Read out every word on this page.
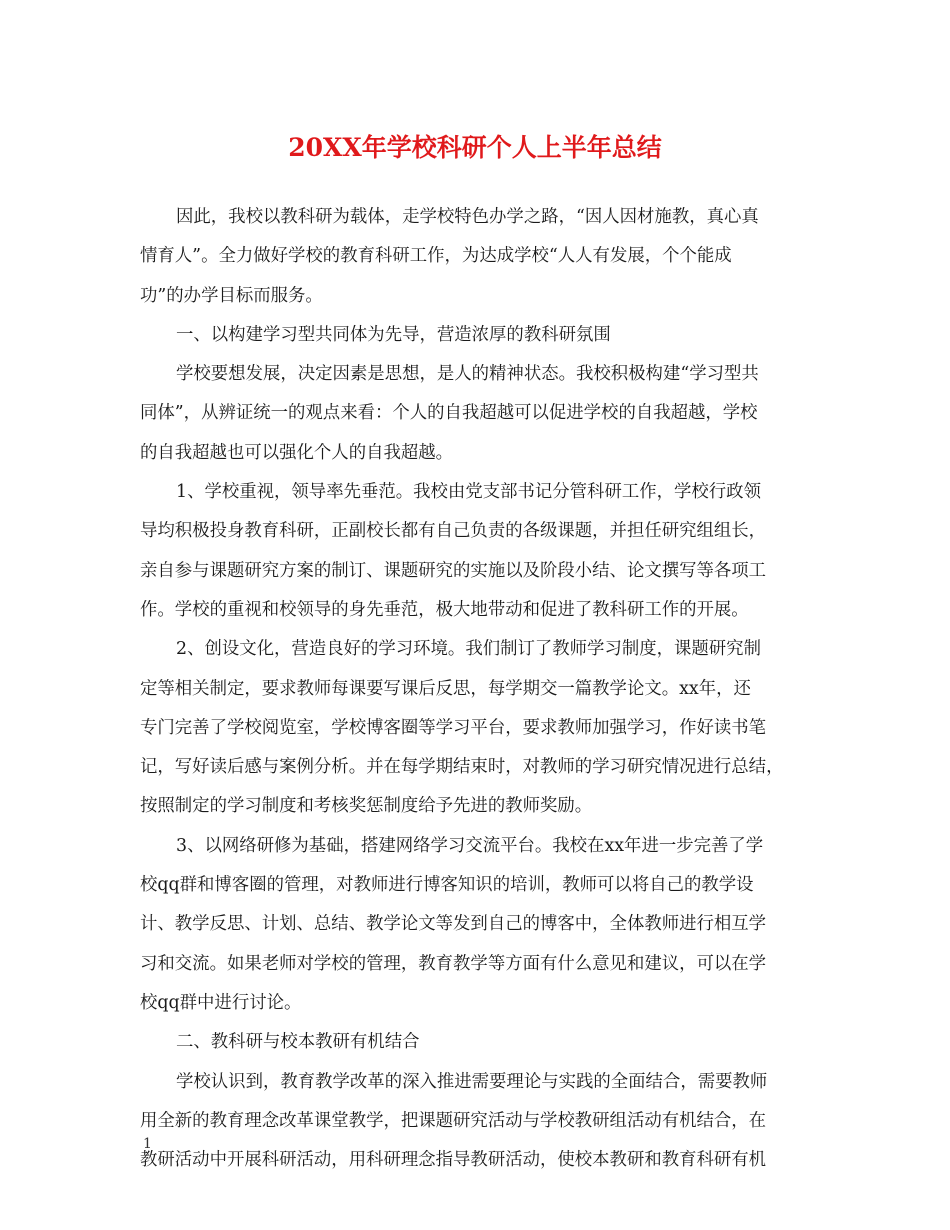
20XX年学校科研个人上半年总结
因此，我校以教科研为载体，走学校特色办学之路，“因人因材施教，真心真
情育人”。全力做好学校的教育科研工作，为达成学校“人人有发展，个个能成
功”的办学目标而服务。
一、以构建学习型共同体为先导，营造浓厚的教科研氛围
学校要想发展，决定因素是思想，是人的精神状态。我校积极构建“学习型共
同体”，从辨证统一的观点来看：个人的自我超越可以促进学校的自我超越，学校
的自我超越也可以强化个人的自我超越。
1、学校重视，领导率先垂范。我校由党支部书记分管科研工作，学校行政领
导均积极投身教育科研，正副校长都有自己负责的各级课题，并担任研究组组长，
亲自参与课题研究方案的制订、课题研究的实施以及阶段小结、论文撰写等各项工
作。学校的重视和校领导的身先垂范，极大地带动和促进了教科研工作的开展。
2、创设文化，营造良好的学习环境。我们制订了教师学习制度，课题研究制
定等相关制定，要求教师每课要写课后反思，每学期交一篇教学论文。xx年，还
专门完善了学校阅览室，学校博客圈等学习平台，要求教师加强学习，作好读书笔
记，写好读后感与案例分析。并在每学期结束时，对教师的学习研究情况进行总结，
按照制定的学习制度和考核奖惩制度给予先进的教师奖励。
3、以网络研修为基础，搭建网络学习交流平台。我校在xx年进一步完善了学
校qq群和博客圈的管理，对教师进行博客知识的培训，教师可以将自己的教学设
计、教学反思、计划、总结、教学论文等发到自己的博客中，全体教师进行相互学
习和交流。如果老师对学校的管理，教育教学等方面有什么意见和建议，可以在学
校qq群中进行讨论。
二、教科研与校本教研有机结合
学校认识到，教育教学改革的深入推进需要理论与实践的全面结合，需要教师
用全新的教育理念改革课堂教学，把课题研究活动与学校教研组活动有机结合，在
教研活动中开展科研活动，用科研理念指导教研活动，使校本教研和教育科研有机
1
